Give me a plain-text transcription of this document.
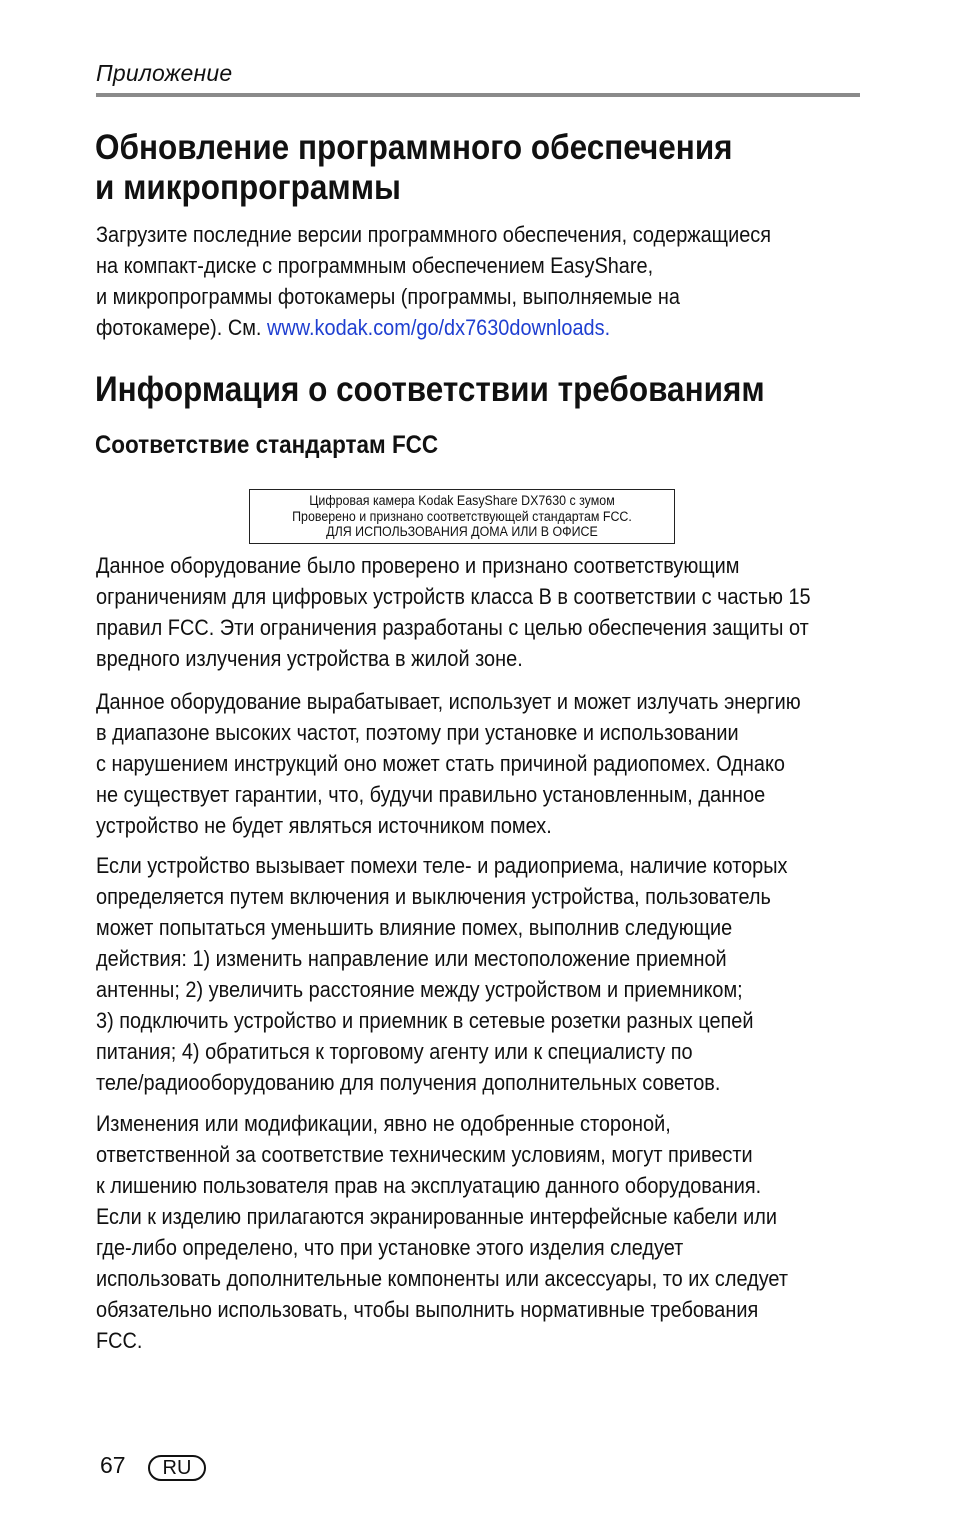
Приложение
Обновление программного обеспечения
и микропрограммы

Загрузите последние версии программного обеспечения, содержащиеся
на компакт-диске с программным обеспечением EasyShare,
и микропрограммы фотокамеры (программы, выполняемые на
фотокамере). См. www.kodak.com/go/dx7630downloads.

Информация о соответствии требованиям
Соответствие стандартам FCC
Цифровая камера Kodak EasyShare DX7630 с зумом
Проверено и признано соответствующей стандартам FCC.
ДЛЯ ИСПОЛЬЗОВАНИЯ ДОМА ИЛИ В ОФИСЕ

Данное оборудование было проверено и признано соответствующим
ограничениям для цифровых устройств класса В в соответствии с частью 15
правил FCC. Эти ограничения разработаны с целью обеспечения защиты от
вредного излучения устройства в жилой зоне.

Данное оборудование вырабатывает, использует и может излучать энергию
в диапазоне высоких частот, поэтому при установке и использовании
с нарушением инструкций оно может стать причиной радиопомех. Однако
не существует гарантии, что, будучи правильно установленным, данное
устройство не будет являться источником помех.

Если устройство вызывает помехи теле- и радиоприема, наличие которых
определяется путем включения и выключения устройства, пользователь
может попытаться уменьшить влияние помех, выполнив следующие
действия: 1) изменить направление или местоположение приемной
антенны; 2) увеличить расстояние между устройством и приемником;
3) подключить устройство и приемник в сетевые розетки разных цепей
питания; 4) обратиться к торговому агенту или к специалисту по
теле/радиооборудованию для получения дополнительных советов.

Изменения или модификации, явно не одобренные стороной,
ответственной за соответствие техническим условиям, могут привести
к лишению пользователя прав на эксплуатацию данного оборудования.
Если к изделию прилагаются экранированные интерфейсные кабели или
где-либо определено, что при установке этого изделия следует
использовать дополнительные компоненты или аксессуары, то их следует
обязательно использовать, чтобы выполнить нормативные требования
FCC.

67	RU
